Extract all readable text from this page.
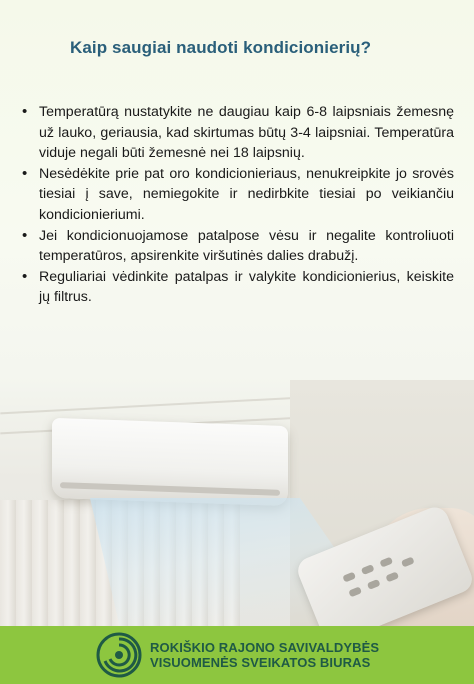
Kaip saugiai naudoti kondicionierių?
• Temperatūrą nustatykite ne daugiau kaip 6-8 laipsniais žemesnę už lauko, geriausia, kad skirtumas būtų 3-4 laipsniai. Temperatūra viduje negali būti žemesnė nei 18 laipsnių.
• Nesėdėkite prie pat oro kondicionieriaus, nenukreipkite jo srovės tiesiai į save, nemiegokite ir nedirbkite tiesiai po veikiančiu kondicionieriumi.
• Jei kondicionuojamose patalpose vėsu ir negalite kontroliuoti temperatūros, apsirenkite viršutinės dalies drabužį.
• Reguliariai vėdinkite patalpas ir valykite kondicionierius, keiskite jų filtrus.
ROKIŠKIO RAJONO SAVIVALDYBĖS
VISUOMENĖS SVEIKATOS BIURAS
